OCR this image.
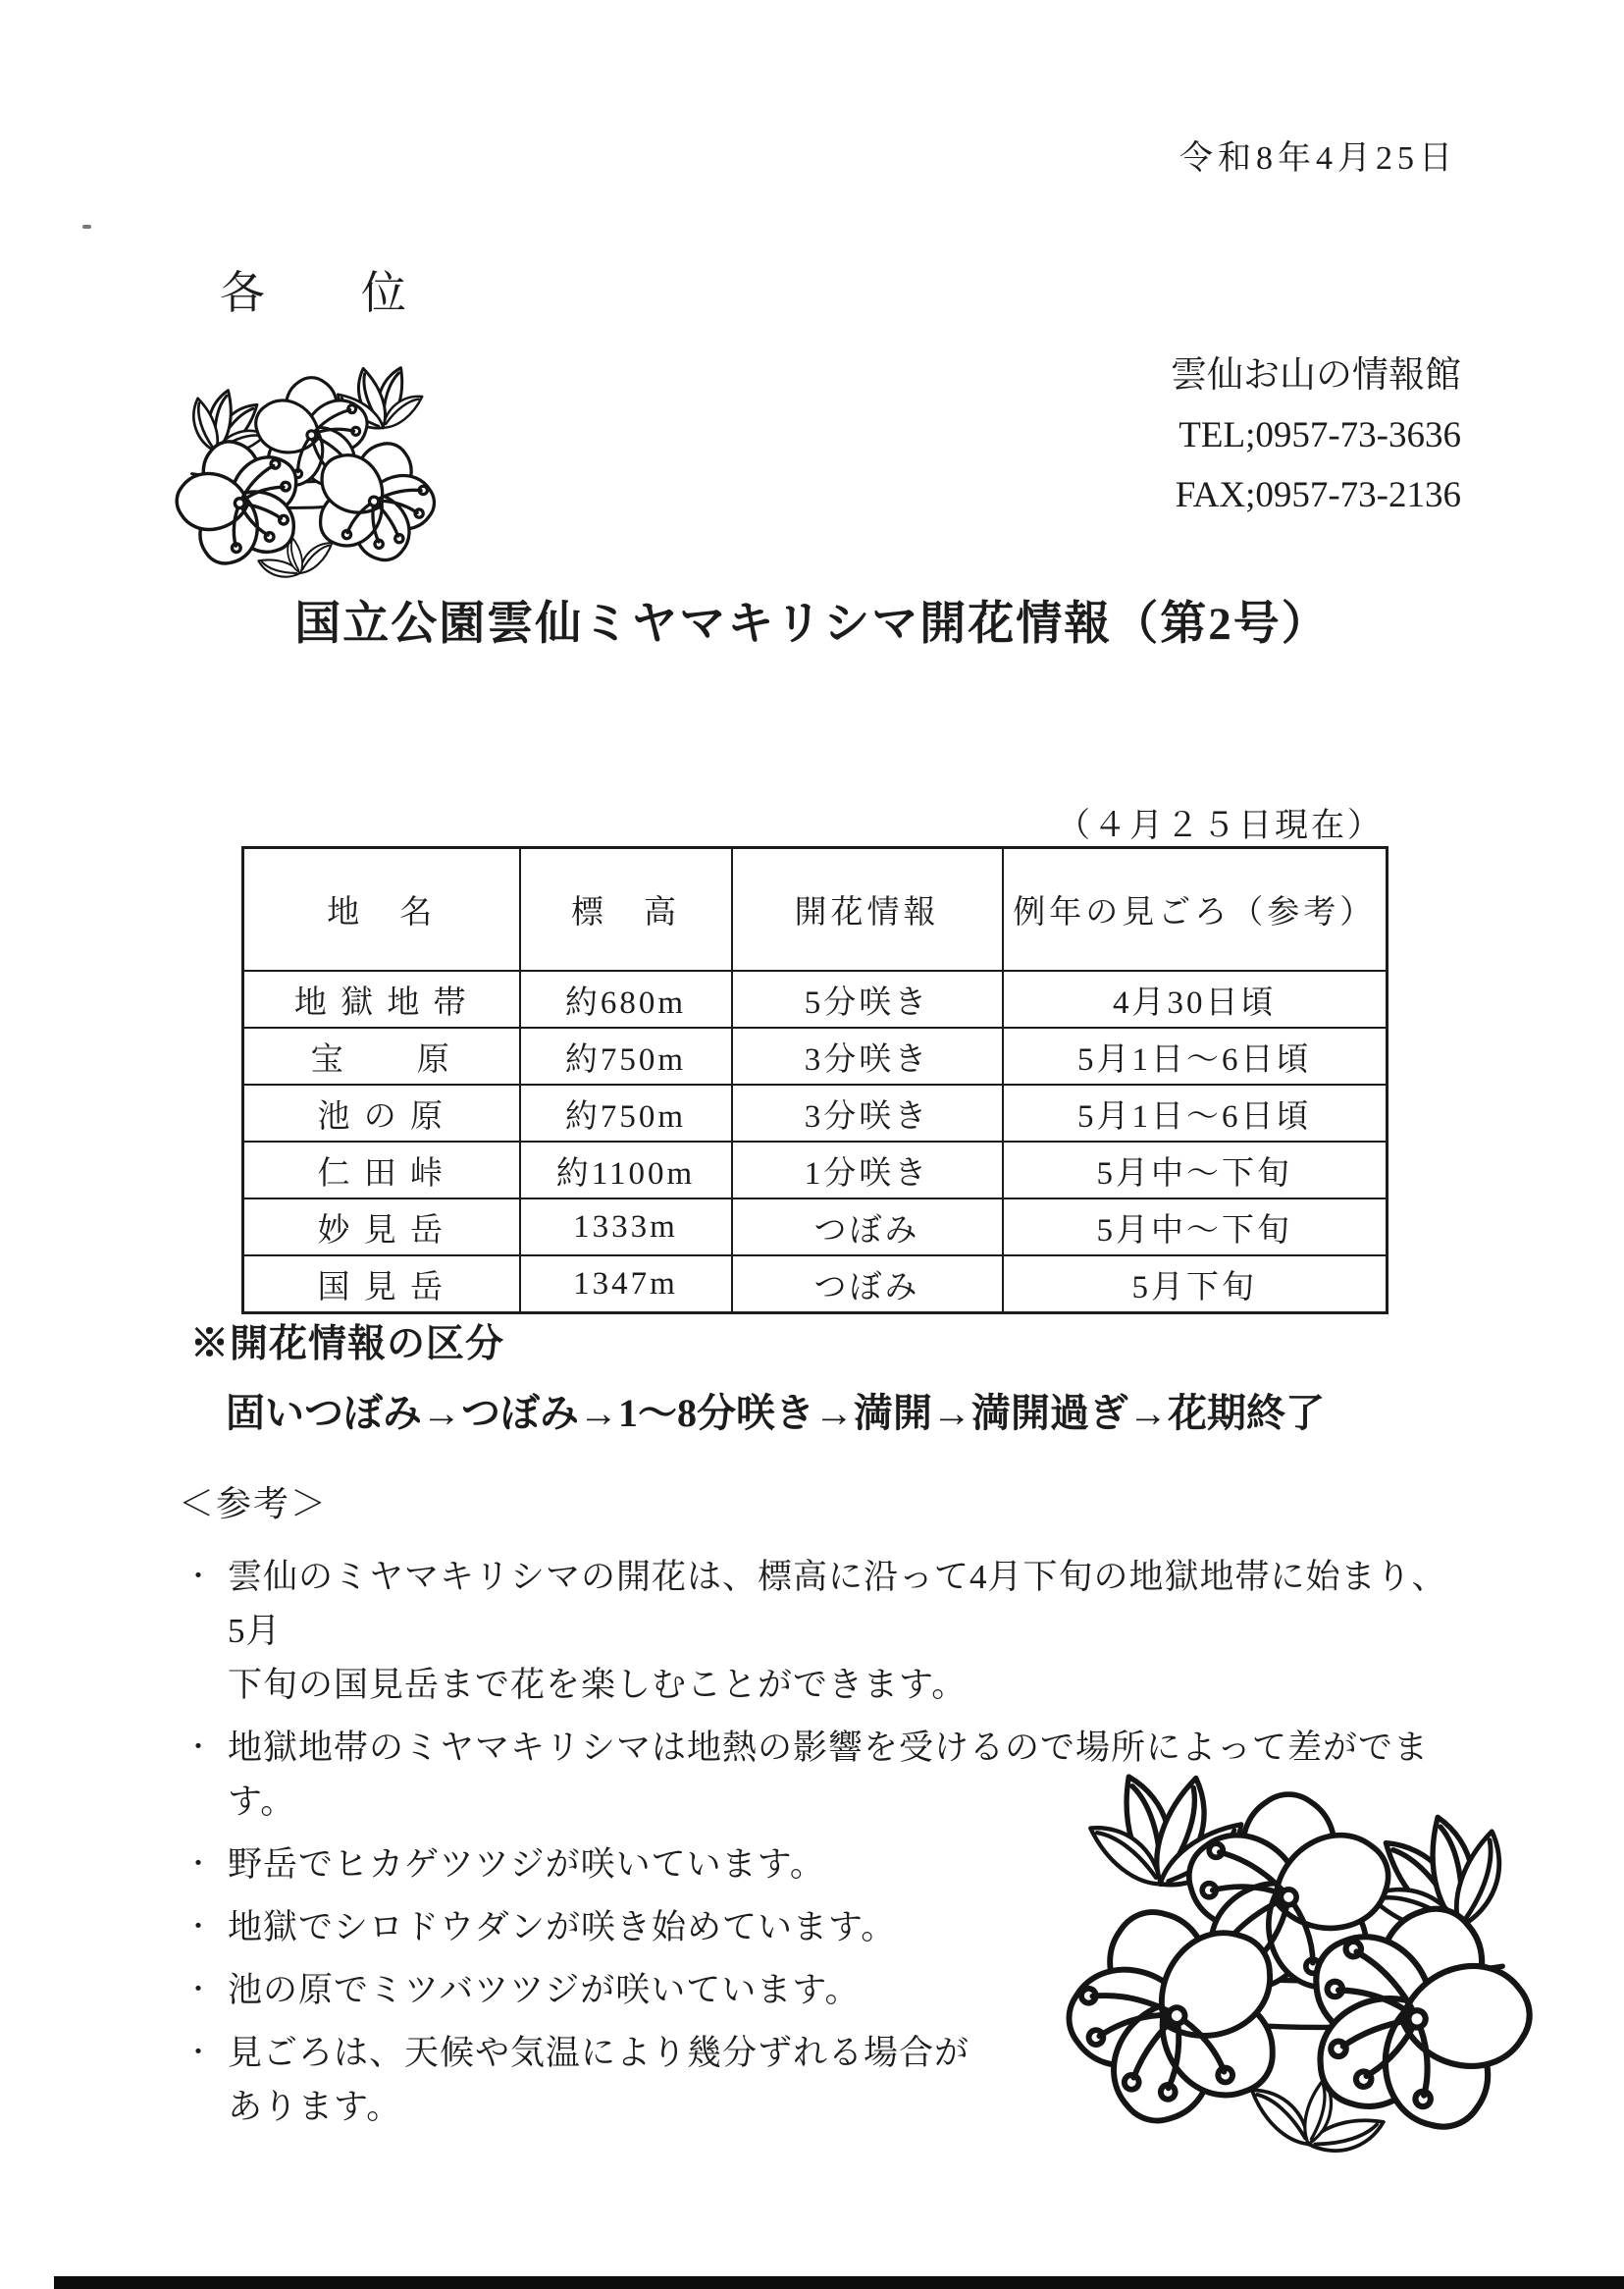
令和8年4月25日
各　　位
雲仙お山の情報館
TEL;0957-73-3636
FAX;0957-73-2136
国立公園雲仙ミヤマキリシマ開花情報（第2号）
（４月２５日現在）
地　名	標　高	開花情報	例年の見ごろ（参考）
地 獄 地 帯	約680m	5分咲き	4月30日頃
宝　　原	約750m	3分咲き	5月1日～6日頃
池 の 原	約750m	3分咲き	5月1日～6日頃
仁 田 峠	約1100m	1分咲き	5月中～下旬
妙 見 岳	1333m	つぼみ	5月中～下旬
国 見 岳	1347m	つぼみ	5月下旬
※開花情報の区分
固いつぼみ→つぼみ→1～8分咲き→満開→満開過ぎ→花期終了
＜参考＞
・ 雲仙のミヤマキリシマの開花は、標高に沿って4月下旬の地獄地帯に始まり、5月
下旬の国見岳まで花を楽しむことができます。
・ 地獄地帯のミヤマキリシマは地熱の影響を受けるので場所によって差がでます。
・ 野岳でヒカゲツツジが咲いています。
・ 地獄でシロドウダンが咲き始めています。
・ 池の原でミツバツツジが咲いています。
・ 見ごろは、天候や気温により幾分ずれる場合が
あります。
